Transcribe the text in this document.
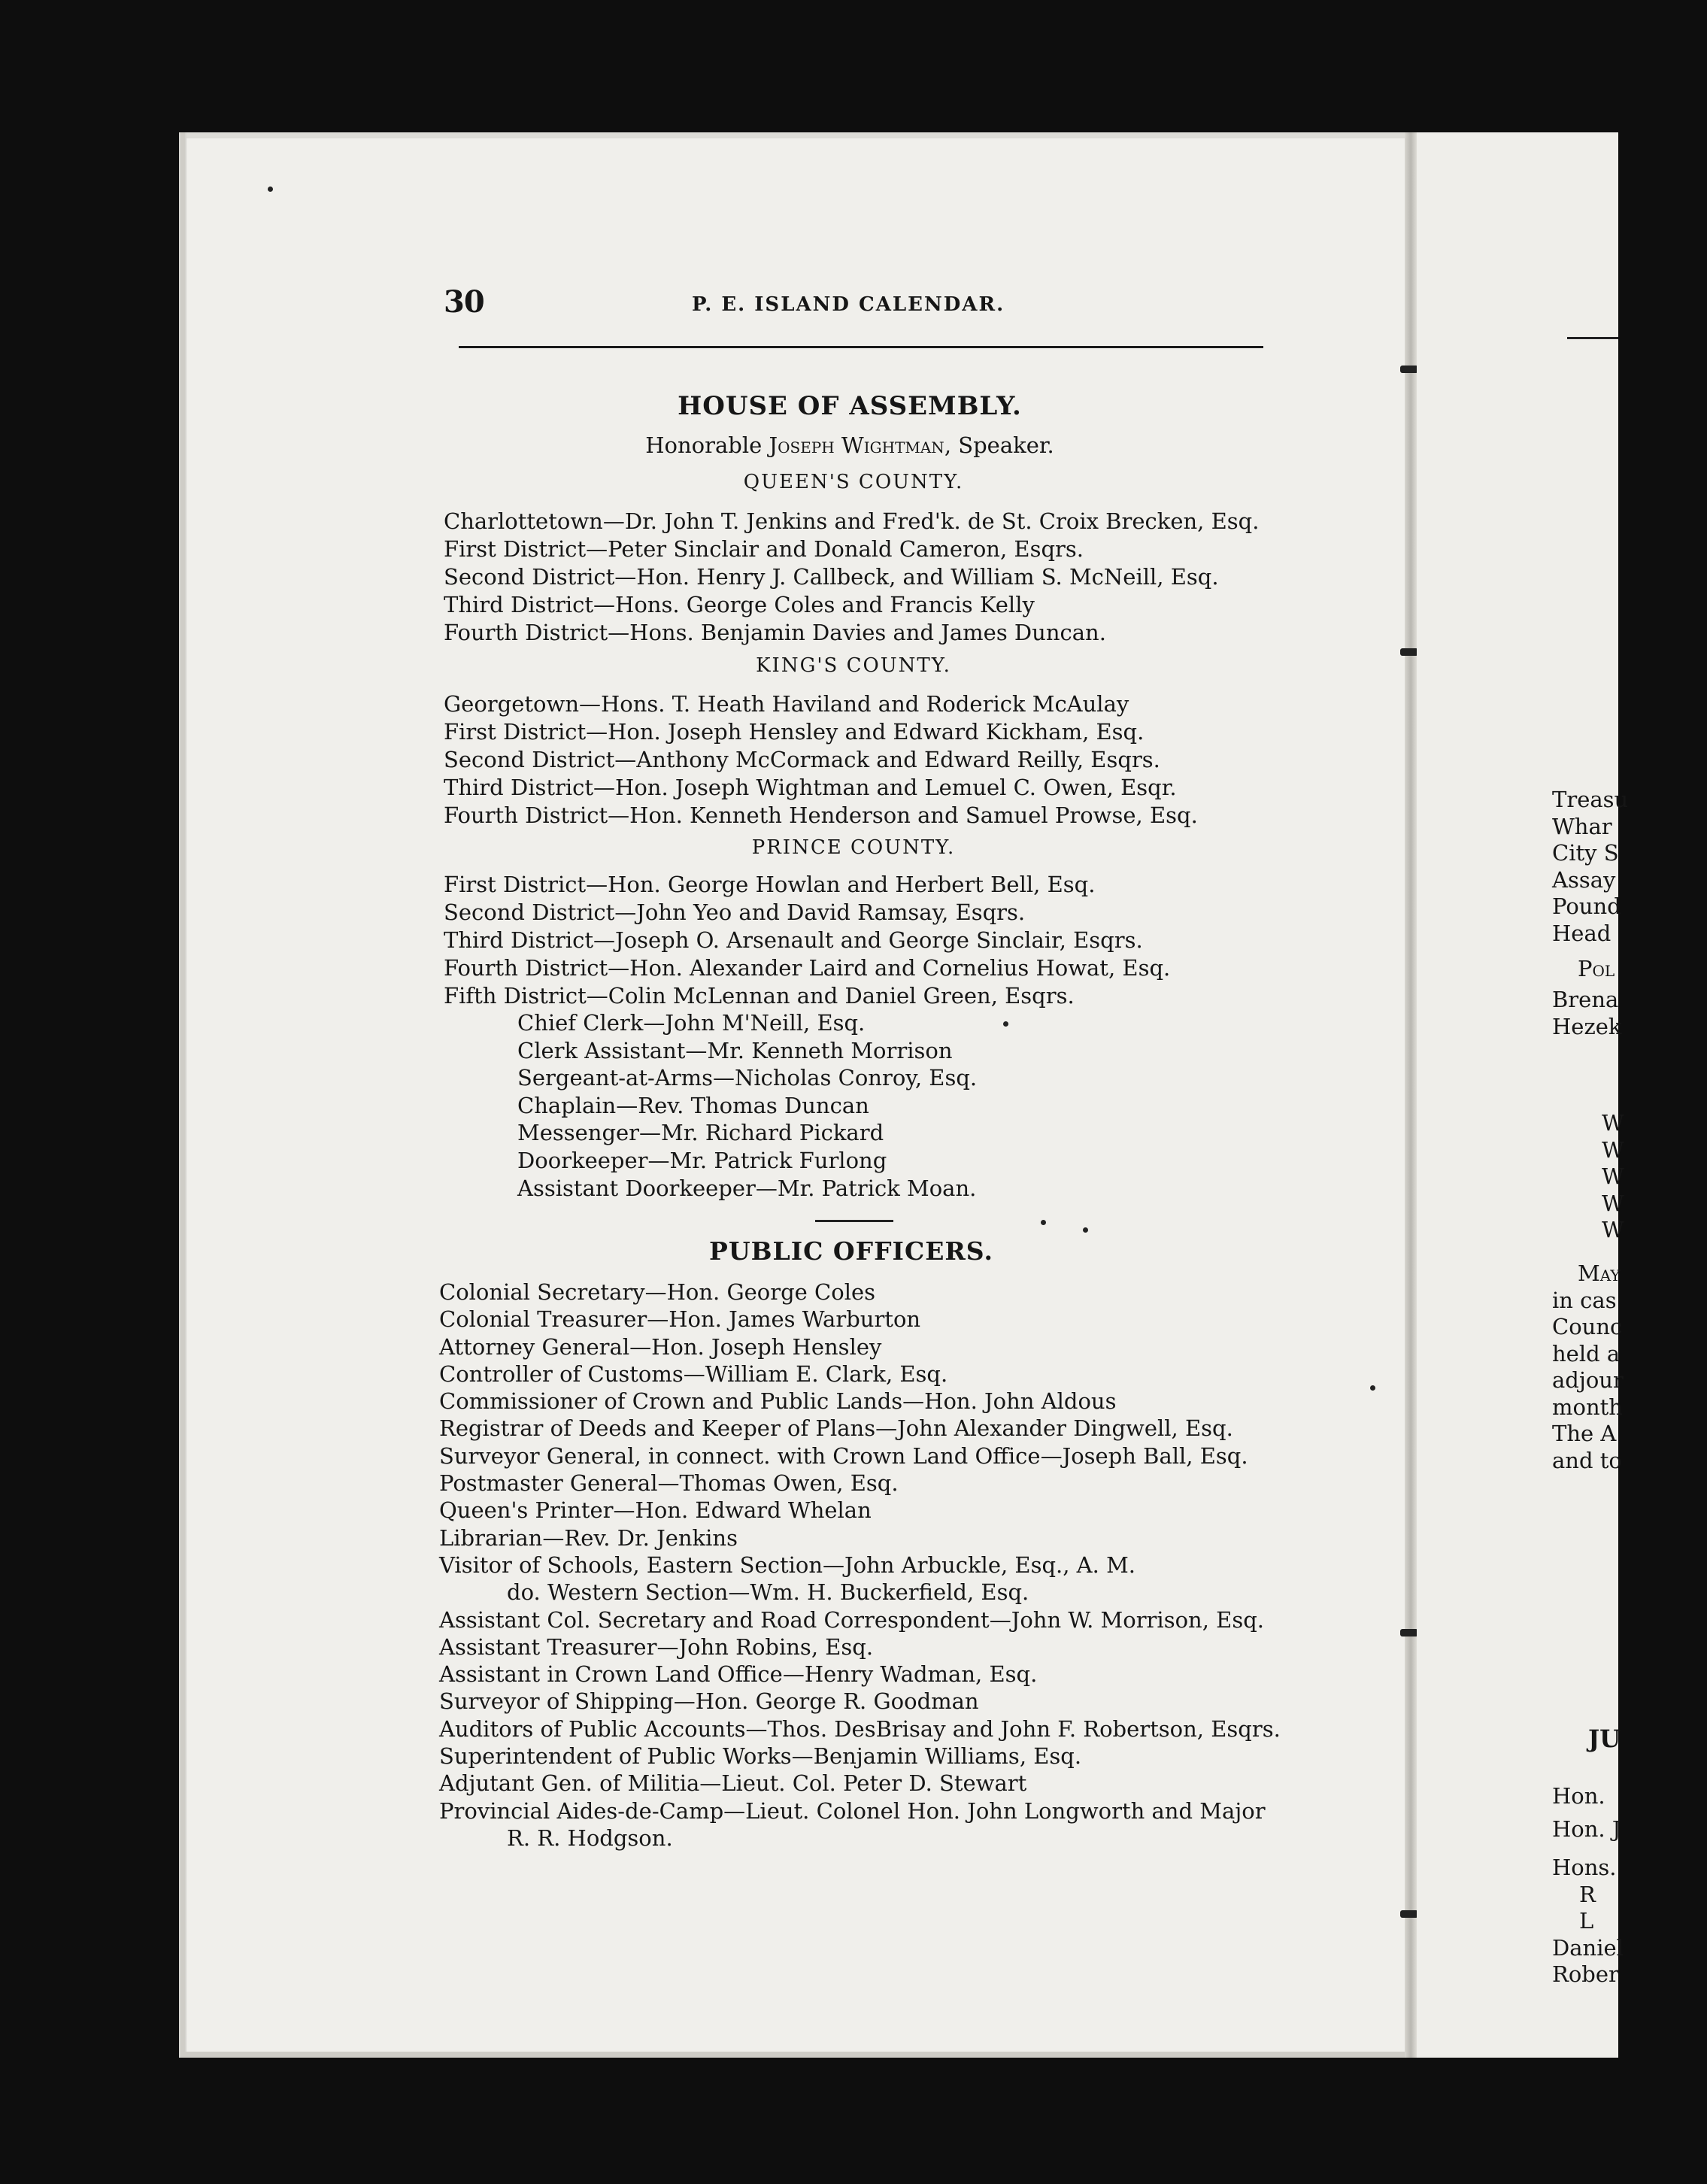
30	P. E. ISLAND CALENDAR.
HOUSE OF ASSEMBLY.
Honorable Joseph Wightman, Speaker.
QUEEN'S COUNTY.
Charlottetown—Dr. John T. Jenkins and Fred'k. de St. Croix Brecken, Esq.
First District—Peter Sinclair and Donald Cameron, Esqrs.
Second District—Hon. Henry J. Callbeck, and William S. McNeill, Esq.
Third District—Hons. George Coles and Francis Kelly
Fourth District—Hons. Benjamin Davies and James Duncan.
KING'S COUNTY.
Georgetown—Hons. T. Heath Haviland and Roderick McAulay
First District—Hon. Joseph Hensley and Edward Kickham, Esq.
Second District—Anthony McCormack and Edward Reilly, Esqrs.
Third District—Hon. Joseph Wightman and Lemuel C. Owen, Esqr.
Fourth District—Hon. Kenneth Henderson and Samuel Prowse, Esq.
PRINCE COUNTY.
First District—Hon. George Howlan and Herbert Bell, Esq.
Second District—John Yeo and David Ramsay, Esqrs.
Third District—Joseph O. Arsenault and George Sinclair, Esqrs.
Fourth District—Hon. Alexander Laird and Cornelius Howat, Esq.
Fifth District—Colin McLennan and Daniel Green, Esqrs.
Chief Clerk—John M'Neill, Esq.
Clerk Assistant—Mr. Kenneth Morrison
Sergeant-at-Arms—Nicholas Conroy, Esq.
Chaplain—Rev. Thomas Duncan
Messenger—Mr. Richard Pickard
Doorkeeper—Mr. Patrick Furlong
Assistant Doorkeeper—Mr. Patrick Moan.
PUBLIC OFFICERS.
Colonial Secretary—Hon. George Coles
Colonial Treasurer—Hon. James Warburton
Attorney General—Hon. Joseph Hensley
Controller of Customs—William E. Clark, Esq.
Commissioner of Crown and Public Lands—Hon. John Aldous
Registrar of Deeds and Keeper of Plans—John Alexander Dingwell, Esq.
Surveyor General, in connect. with Crown Land Office—Joseph Ball, Esq.
Postmaster General—Thomas Owen, Esq.
Queen's Printer—Hon. Edward Whelan
Librarian—Rev. Dr. Jenkins
Visitor of Schools, Eastern Section—John Arbuckle, Esq., A. M.
do. Western Section—Wm. H. Buckerfield, Esq.
Assistant Col. Secretary and Road Correspondent—John W. Morrison, Esq.
Assistant Treasurer—John Robins, Esq.
Assistant in Crown Land Office—Henry Wadman, Esq.
Surveyor of Shipping—Hon. George R. Goodman
Auditors of Public Accounts—Thos. DesBrisay and John F. Robertson, Esqrs.
Superintendent of Public Works—Benjamin Williams, Esq.
Adjutant Gen. of Militia—Lieut. Col. Peter D. Stewart
Provincial Aides-de-Camp—Lieut. Colonel Hon. John Longworth and Major
R. R. Hodgson.
Treasu
Whar
City S
Assay
Pound
Head
Pol
Brena
Hezek
W
W
W
W
W
May
in cas
Counc
held a
adjour
month
The A
and to
JU
Hon.
Hon. J
Hons.
R
L
Daniel
Rober
